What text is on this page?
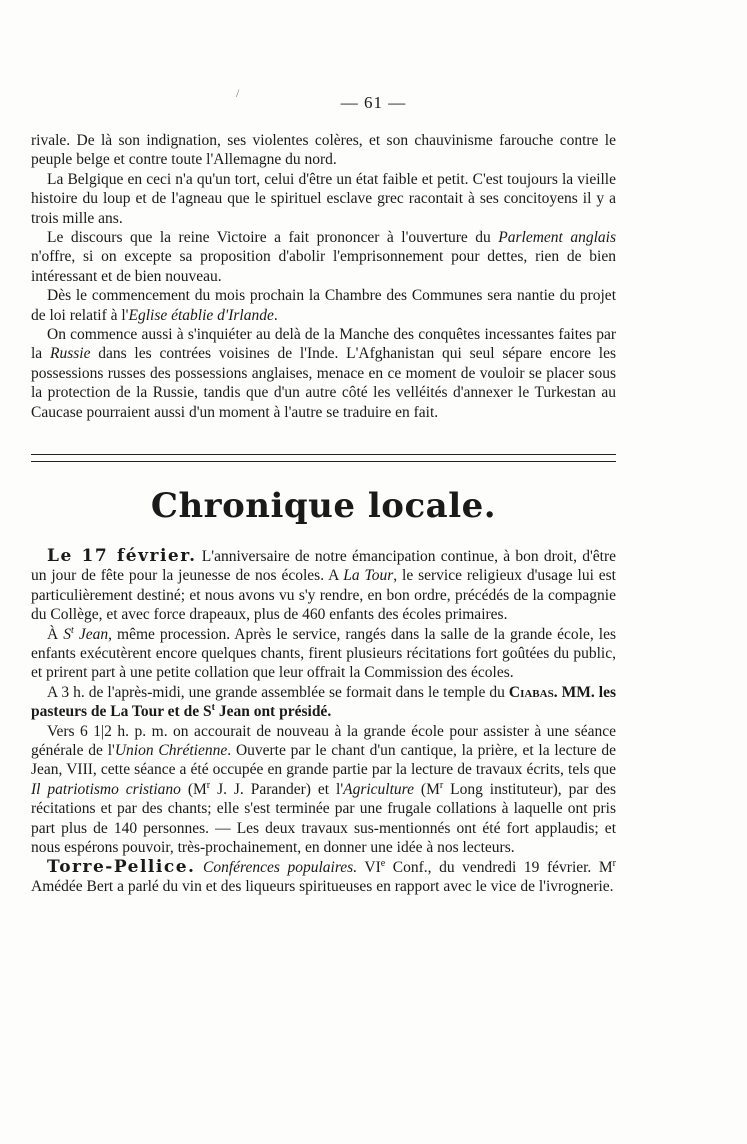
/	— 61 —

rivale. De là son indignation, ses violentes colères, et son chauvinisme farouche contre le peuple belge et contre toute l'Allemagne du nord.

La Belgique en ceci n'a qu'un tort, celui d'être un état faible et petit. C'est toujours la vieille histoire du loup et de l'agneau que le spirituel esclave grec racontait à ses concitoyens il y a trois mille ans.

Le discours que la reine Victoire a fait prononcer à l'ouverture du Parlement anglais n'offre, si on excepte sa proposition d'abolir l'emprisonnement pour dettes, rien de bien intéressant et de bien nouveau.

Dès le commencement du mois prochain la Chambre des Communes sera nantie du projet de loi relatif à l'Eglise établie d'Irlande.

On commence aussi à s'inquiéter au delà de la Manche des conquêtes incessantes faites par la Russie dans les contrées voisines de l'Inde. L'Afghanistan qui seul sépare encore les possessions russes des possessions anglaises, menace en ce moment de vouloir se placer sous la protection de la Russie, tandis que d'un autre côté les velléités d'annexer le Turkestan au Caucase pourraient aussi d'un moment à l'autre se traduire en fait.

Chronique locale.

Le 17 février. L'anniversaire de notre émancipation continue, à bon droit, d'être un jour de fête pour la jeunesse de nos écoles. A La Tour, le service religieux d'usage lui est particulièrement destiné; et nous avons vu s'y rendre, en bon ordre, précédés de la compagnie du Collège, et avec force drapeaux, plus de 460 enfants des écoles primaires.

À $S^t$ Jean, même procession. Après le service, rangés dans la salle de la grande école, les enfants exécutèrent encore quelques chants, firent plusieurs récitations fort goûtées du public, et prirent part à une petite collation que leur offrait la Commission des écoles.

A 3 h. de l'après-midi, une grande assemblée se formait dans le temple du Ciabas. MM. les pasteurs de La Tour et de $S^t$ Jean ont présidé.

Vers 6 1|2 h. p. m. on accourait de nouveau à la grande école pour assister à une séance générale de l'Union Chrétienne. Ouverte par le chant d'un cantique, la prière, et la lecture de Jean, VIII, cette séance a été occupée en grande partie par la lecture de travaux écrits, tels que Il patriotismo cristiano ($M^r$ J. J. Parander) et l'Agriculture ($M^r$ Long instituteur), par des récitations et par des chants; elle s'est terminée par une frugale collations à laquelle ont pris part plus de 140 personnes. — Les deux travaux sus-mentionnés ont été fort applaudis; et nous espérons pouvoir, très-prochainement, en donner une idée à nos lecteurs.

Torre-Pellice. Conférences populaires. VIe Conf., du vendredi 19 février. $M^r$ Amédée Bert a parlé du vin et des liqueurs spiritueuses en rapport avec le vice de l'ivrognerie.
